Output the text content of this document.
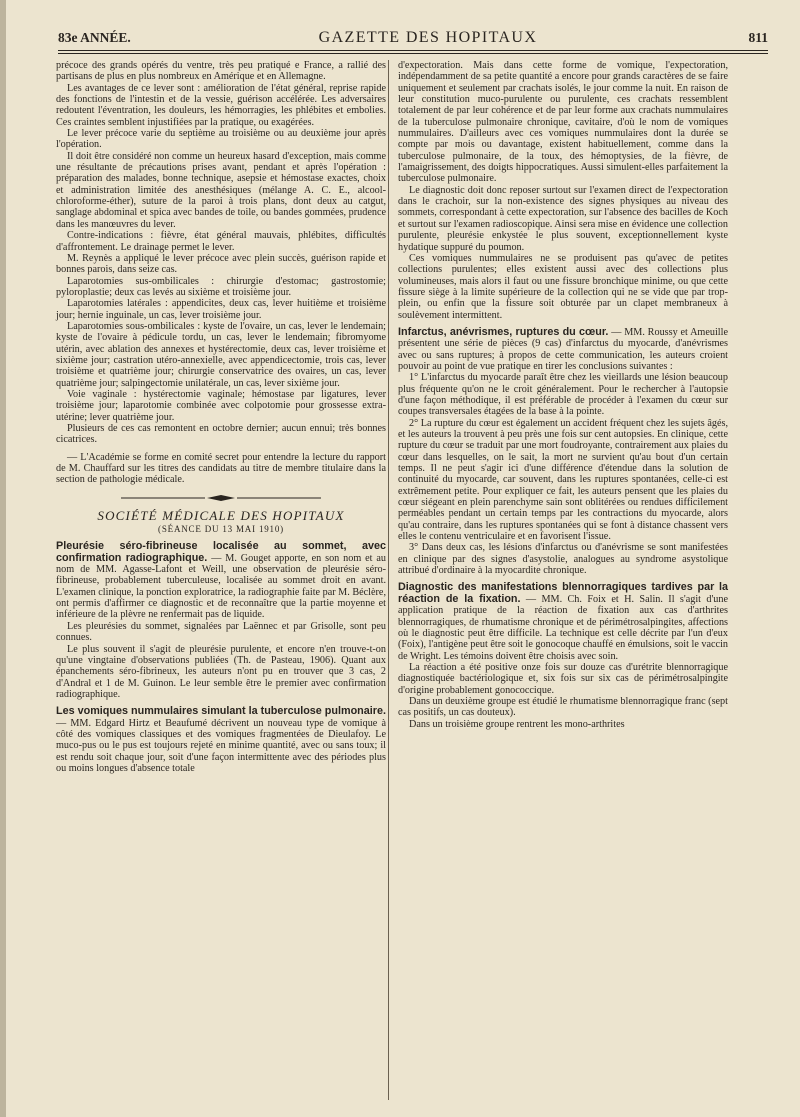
83e ANNÉE.	GAZETTE DES HOPITAUX	811

précoce des grands opérés du ventre, très peu pratiqué e France, a rallié des partisans de plus en plus nombreux en Amérique et en Allemagne.

Les avantages de ce lever sont : amélioration de l'état général, reprise rapide des fonctions de l'intestin et de la vessie, guérison accélérée. Les adversaires redoutent l'éventration, les douleurs, les hémorragies, les phlébites et embolies. Ces craintes semblent injustifiées par la pratique, ou exagérées.

Le lever précoce varie du septième au troisième ou au deuxième jour après l'opération.

Il doit être considéré non comme un heureux hasard d'exception, mais comme une résultante de précautions prises avant, pendant et après l'opération : préparation des malades, bonne technique, asepsie et hémostase exactes, choix et administration limitée des anesthésiques (mélange A. C. E., alcool-chloroforme-éther), suture de la paroi à trois plans, dont deux au catgut, sanglage abdominal et spica avec bandes de toile, ou bandes gommées, prudence dans les manœuvres du lever.

Contre-indications : fièvre, état général mauvais, phlébites, difficultés d'affrontement. Le drainage permet le lever.

M. Reynès a appliqué le lever précoce avec plein succès, guérison rapide et bonnes parois, dans seize cas.

Laparotomies sus-ombilicales : chirurgie d'estomac; gastrostomie; pyloroplastie; deux cas levés au sixième et troisième jour.

Laparotomies latérales : appendicites, deux cas, lever huitième et troisième jour; hernie inguinale, un cas, lever troisième jour.

Laparotomies sous-ombilicales : kyste de l'ovaire, un cas, lever le lendemain; kyste de l'ovaire à pédicule tordu, un cas, lever le lendemain; fibromyome utérin, avec ablation des annexes et hystérectomie, deux cas, lever troisième et sixième jour; castration utéro-annexielle, avec appendicectomie, trois cas, lever troisième et quatrième jour; chirurgie conservatrice des ovaires, un cas, lever quatrième jour; salpingectomie unilatérale, un cas, lever sixième jour.

Voie vaginale : hystérectomie vaginale; hémostase par ligatures, lever troisième jour; laparotomie combinée avec colpotomie pour grossesse extra-utérine; lever quatrième jour.

Plusieurs de ces cas remontent en octobre dernier; aucun ennui; très bonnes cicatrices.

— L'Académie se forme en comité secret pour entendre la lecture du rapport de M. Chauffard sur les titres des candidats au titre de membre titulaire dans la section de pathologie médicale.

SOCIÉTÉ MÉDICALE DES HOPITAUX

(SÉANCE DU 13 MAI 1910)

Pleurésie séro-fibrineuse localisée au sommet, avec confirmation radiographique. — M. Gouget apporte, en son nom et au nom de MM. Agasse-Lafont et Weill, une observation de pleurésie séro-fibrineuse, probablement tuberculeuse, localisée au sommet droit en avant. L'examen clinique, la ponction exploratrice, la radiographie faite par M. Béclère, ont permis d'affirmer ce diagnostic et de reconnaître que la partie moyenne et inférieure de la plèvre ne renfermait pas de liquide.

Les pleurésies du sommet, signalées par Laënnec et par Grisolle, sont peu connues.

Le plus souvent il s'agit de pleurésie purulente, et encore n'en trouve-t-on qu'une vingtaine d'observations publiées (Th. de Pasteau, 1906). Quant aux épanchements séro-fibrineux, les auteurs n'ont pu en trouver que 3 cas, 2 d'Andral et 1 de M. Guinon. Le leur semble être le premier avec confirmation radiographique.

Les vomiques nummulaires simulant la tuberculose pulmonaire. — MM. Edgard Hirtz et Beaufumé décrivent un nouveau type de vomique à côté des vomiques classiques et des vomiques fragmentées de Dieulafoy. Le muco-pus ou le pus est toujours rejeté en minime quantité, avec ou sans toux; il est rendu soit chaque jour, soit d'une façon intermittente avec des périodes plus ou moins longues d'absence totale

d'expectoration. Mais dans cette forme de vomique, l'expectoration, indépendamment de sa petite quantité a encore pour grands caractères de se faire uniquement et seulement par crachats isolés, le jour comme la nuit. En raison de leur constitution muco-purulente ou purulente, ces crachats ressemblent totalement de par leur cohérence et de par leur forme aux crachats nummulaires de la tuberculose pulmonaire chronique, cavitaire, d'où le nom de vomiques nummulaires. D'ailleurs avec ces vomiques nummulaires dont la durée se compte par mois ou davantage, existent habituellement, comme dans la tuberculose pulmonaire, de la toux, des hémoptysies, de la fièvre, de l'amaigrissement, des doigts hippocratiques. Aussi simulent-elles parfaitement la tuberculose pulmonaire.

Le diagnostic doit donc reposer surtout sur l'examen direct de l'expectoration dans le crachoir, sur la non-existence des signes physiques au niveau des sommets, correspondant à cette expectoration, sur l'absence des bacilles de Koch et surtout sur l'examen radioscopique. Ainsi sera mise en évidence une collection purulente, pleurésie enkystée le plus souvent, exceptionnellement kyste hydatique suppuré du poumon.

Ces vomiques nummulaires ne se produisent pas qu'avec de petites collections purulentes; elles existent aussi avec des collections plus volumineuses, mais alors il faut ou une fissure bronchique minime, ou que cette fissure siège à la limite supérieure de la collection qui ne se vide que par trop-plein, ou enfin que la fissure soit obturée par un clapet membraneux à soulèvement intermittent.

Infarctus, anévrismes, ruptures du cœur. — MM. Roussy et Ameuille présentent une série de pièces (9 cas) d'infarctus du myocarde, d'anévrismes avec ou sans ruptures; à propos de cette communication, les auteurs croient pouvoir au point de vue pratique en tirer les conclusions suivantes :

1° L'infarctus du myocarde paraît être chez les vieillards une lésion beaucoup plus fréquente qu'on ne le croit généralement. Pour le rechercher à l'autopsie d'une façon méthodique, il est préférable de procéder à l'examen du cœur sur coupes transversales étagées de la base à la pointe.

2° La rupture du cœur est également un accident fréquent chez les sujets âgés, et les auteurs la trouvent à peu près une fois sur cent autopsies. En clinique, cette rupture du cœur se traduit par une mort foudroyante, contrairement aux plaies du cœur dans lesquelles, on le sait, la mort ne survient qu'au bout d'un certain temps. Il ne peut s'agir ici d'une différence d'étendue dans la solution de continuité du myocarde, car souvent, dans les ruptures spontanées, celle-ci est extrêmement petite. Pour expliquer ce fait, les auteurs pensent que les plaies du cœur siégeant en plein parenchyme sain sont oblitérées ou rendues difficilement perméables pendant un certain temps par les contractions du myocarde, alors qu'au contraire, dans les ruptures spontanées qui se font à distance chassent vers elles le contenu ventriculaire et en favorisent l'issue.

3° Dans deux cas, les lésions d'infarctus ou d'anévrisme se sont manifestées en clinique par des signes d'asystolie, analogues au syndrome asystolique attribué d'ordinaire à la myocardite chronique.

Diagnostic des manifestations blennorragiques tardives par la réaction de la fixation. — MM. Ch. Foix et H. Salin. Il s'agit d'une application pratique de la réaction de fixation aux cas d'arthrites blennorragiques, de rhumatisme chronique et de périmétrosalpingites, affections où le diagnostic peut être difficile. La technique est celle décrite par l'un d'eux (Foix), l'antigène peut être soit le gonocoque chauffé en émulsions, soit le vaccin de Wright. Les témoins doivent être choisis avec soin.

La réaction a été positive onze fois sur douze cas d'urétrite blennorragique diagnostiquée bactériologique et, six fois sur six cas de périmétrosalpingite d'origine probablement gonococcique.

Dans un deuxième groupe est étudié le rhumatisme blennorragique franc (sept cas positifs, un cas douteux).

Dans un troisième groupe rentrent les mono-arthrites
